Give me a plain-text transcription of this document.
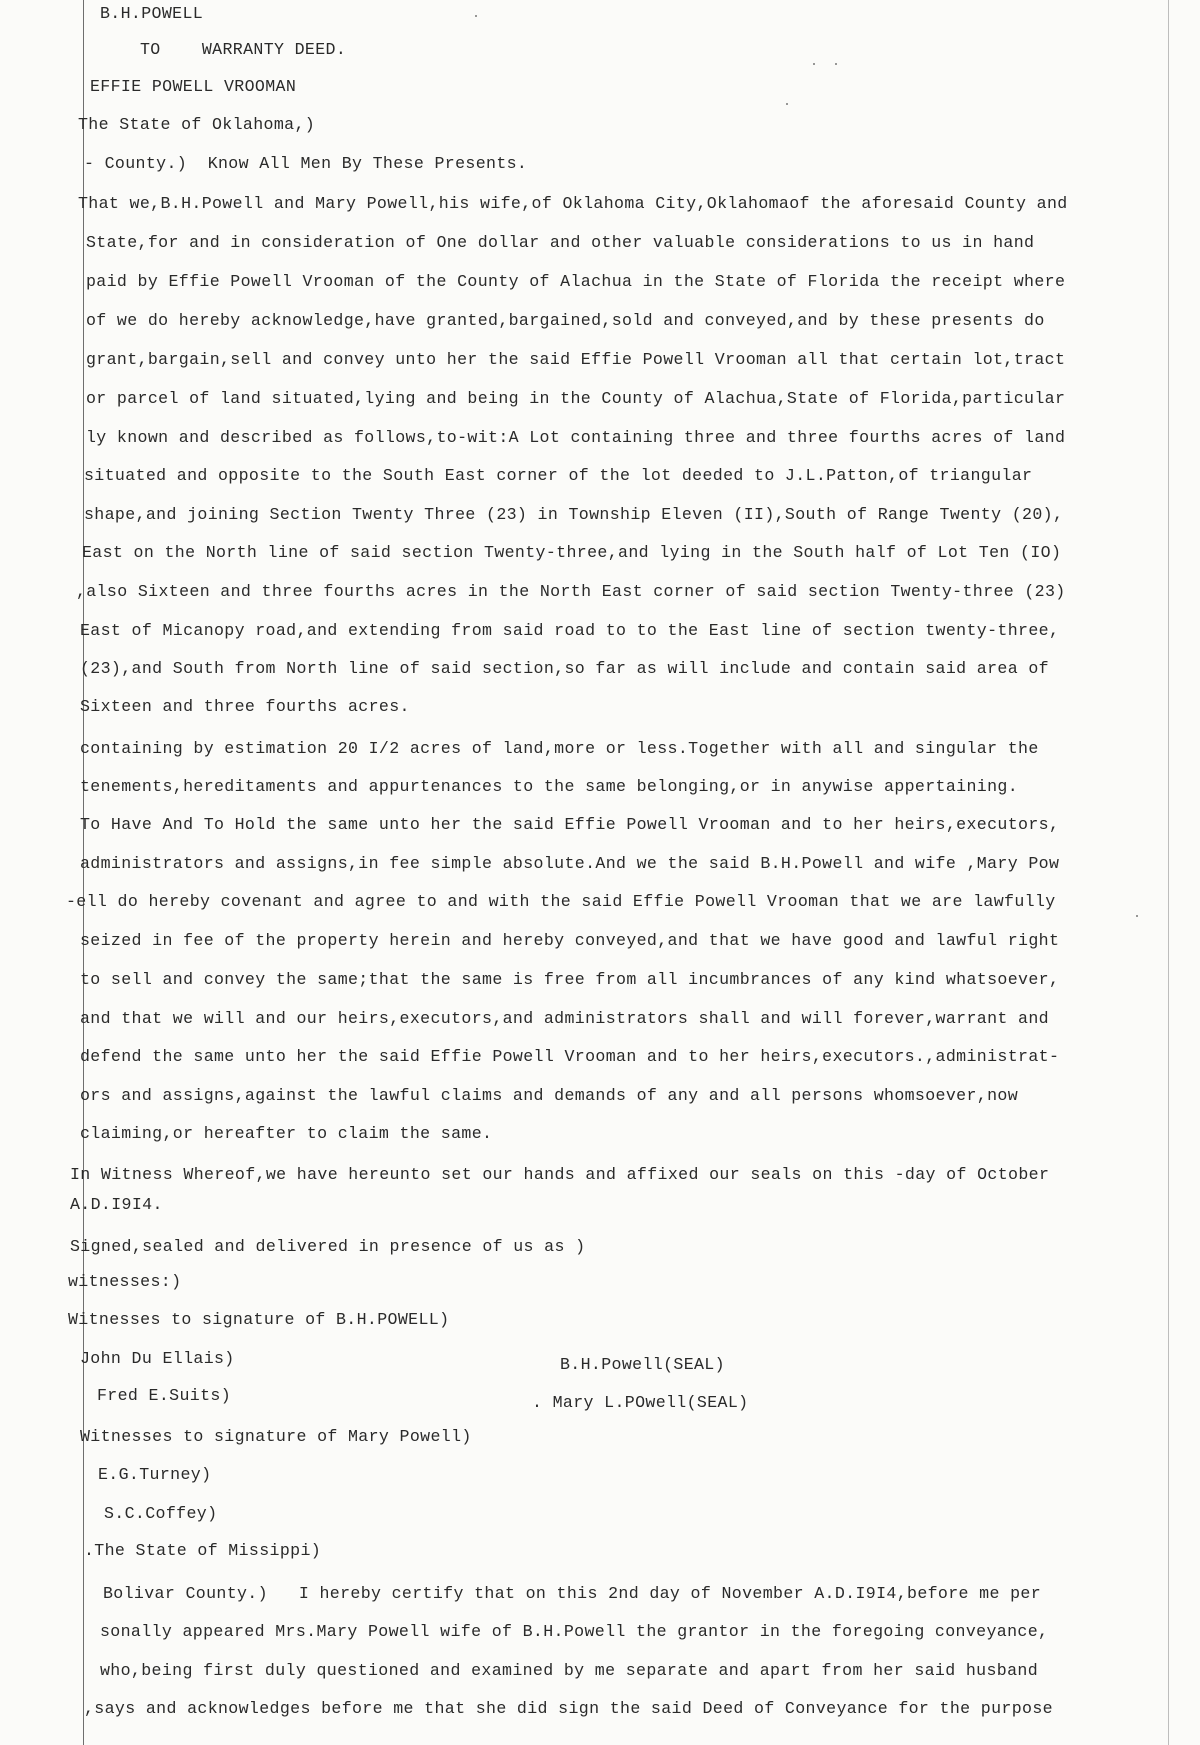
B.H.POWELL
TO    WARRANTY DEED.
EFFIE POWELL VROOMAN
The State of Oklahoma,)
- County.)  Know All Men By These Presents.
That we,B.H.Powell and Mary Powell,his wife,of Oklahoma City,Oklahomaof the aforesaid County and
State,for and in consideration of One dollar and other valuable considerations to us in hand
paid by Effie Powell Vrooman of the County of Alachua in the State of Florida the receipt where
of we do hereby acknowledge,have granted,bargained,sold and conveyed,and by these presents do
grant,bargain,sell and convey unto her the said Effie Powell Vrooman all that certain lot,tract
or parcel of land situated,lying and being in the County of Alachua,State of Florida,particular
ly known and described as follows,to-wit:A Lot containing three and three fourths acres of land
situated and opposite to the South East corner of the lot deeded to J.L.Patton,of triangular
shape,and joining Section Twenty Three (23) in Township Eleven (II),South of Range Twenty (20),
East on the North line of said section Twenty-three,and lying in the South half of Lot Ten (IO)
,also Sixteen and three fourths acres in the North East corner of said section Twenty-three (23)
East of Micanopy road,and extending from said road to to the East line of section twenty-three,
(23),and South from North line of said section,so far as will include and contain said area of
Sixteen and three fourths acres.
containing by estimation 20 I/2 acres of land,more or less.Together with all and singular the
tenements,hereditaments and appurtenances to the same belonging,or in anywise appertaining.
To Have And To Hold the same unto her the said Effie Powell Vrooman and to her heirs,executors,
administrators and assigns,in fee simple absolute.And we the said B.H.Powell and wife ,Mary Pow
-ell do hereby covenant and agree to and with the said Effie Powell Vrooman that we are lawfully
seized in fee of the property herein and hereby conveyed,and that we have good and lawful right
to sell and convey the same;that the same is free from all incumbrances of any kind whatsoever,
and that we will and our heirs,executors,and administrators shall and will forever,warrant and
defend the same unto her the said Effie Powell Vrooman and to her heirs,executors.,administrat-
ors and assigns,against the lawful claims and demands of any and all persons whomsoever,now
claiming,or hereafter to claim the same.
In Witness Whereof,we have hereunto set our hands and affixed our seals on this -day of October
A.D.I9I4.
Signed,sealed and delivered in presence of us as )
witnesses:)
Witnesses to signature of B.H.POWELL)
John Du Ellais)	B.H.Powell(SEAL)
Fred E.Suits)	. Mary L.POwell(SEAL)
Witnesses to signature of Mary Powell)
E.G.Turney)
S.C.Coffey)
.The State of Missippi)
Bolivar County.)   I hereby certify that on this 2nd day of November A.D.I9I4,before me per
sonally appeared Mrs.Mary Powell wife of B.H.Powell the grantor in the foregoing conveyance,
who,being first duly questioned and examined by me separate and apart from her said husband
,says and acknowledges before me that she did sign the said Deed of Conveyance for the purpose
